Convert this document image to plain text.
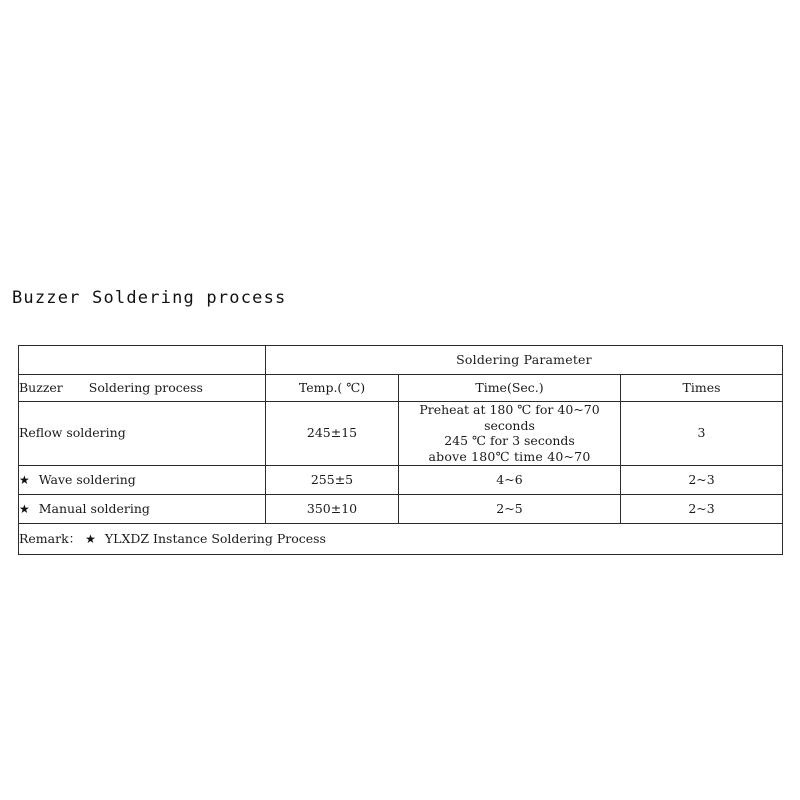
Buzzer Soldering process
	Soldering Parameter		
Buzzer Soldering process	Temp.( ℃)	Time(Sec.)	Times
Reflow soldering	245±15	Preheat at 180 ℃ for 40~70 seconds
245 ℃ for 3 seconds
above 180℃ time 40~70	3
★ Wave soldering	255±5	4~6	2~3
★ Manual soldering	350±10	2~5	2~3
Remark： ★ YLXDZ Instance Soldering Process			
